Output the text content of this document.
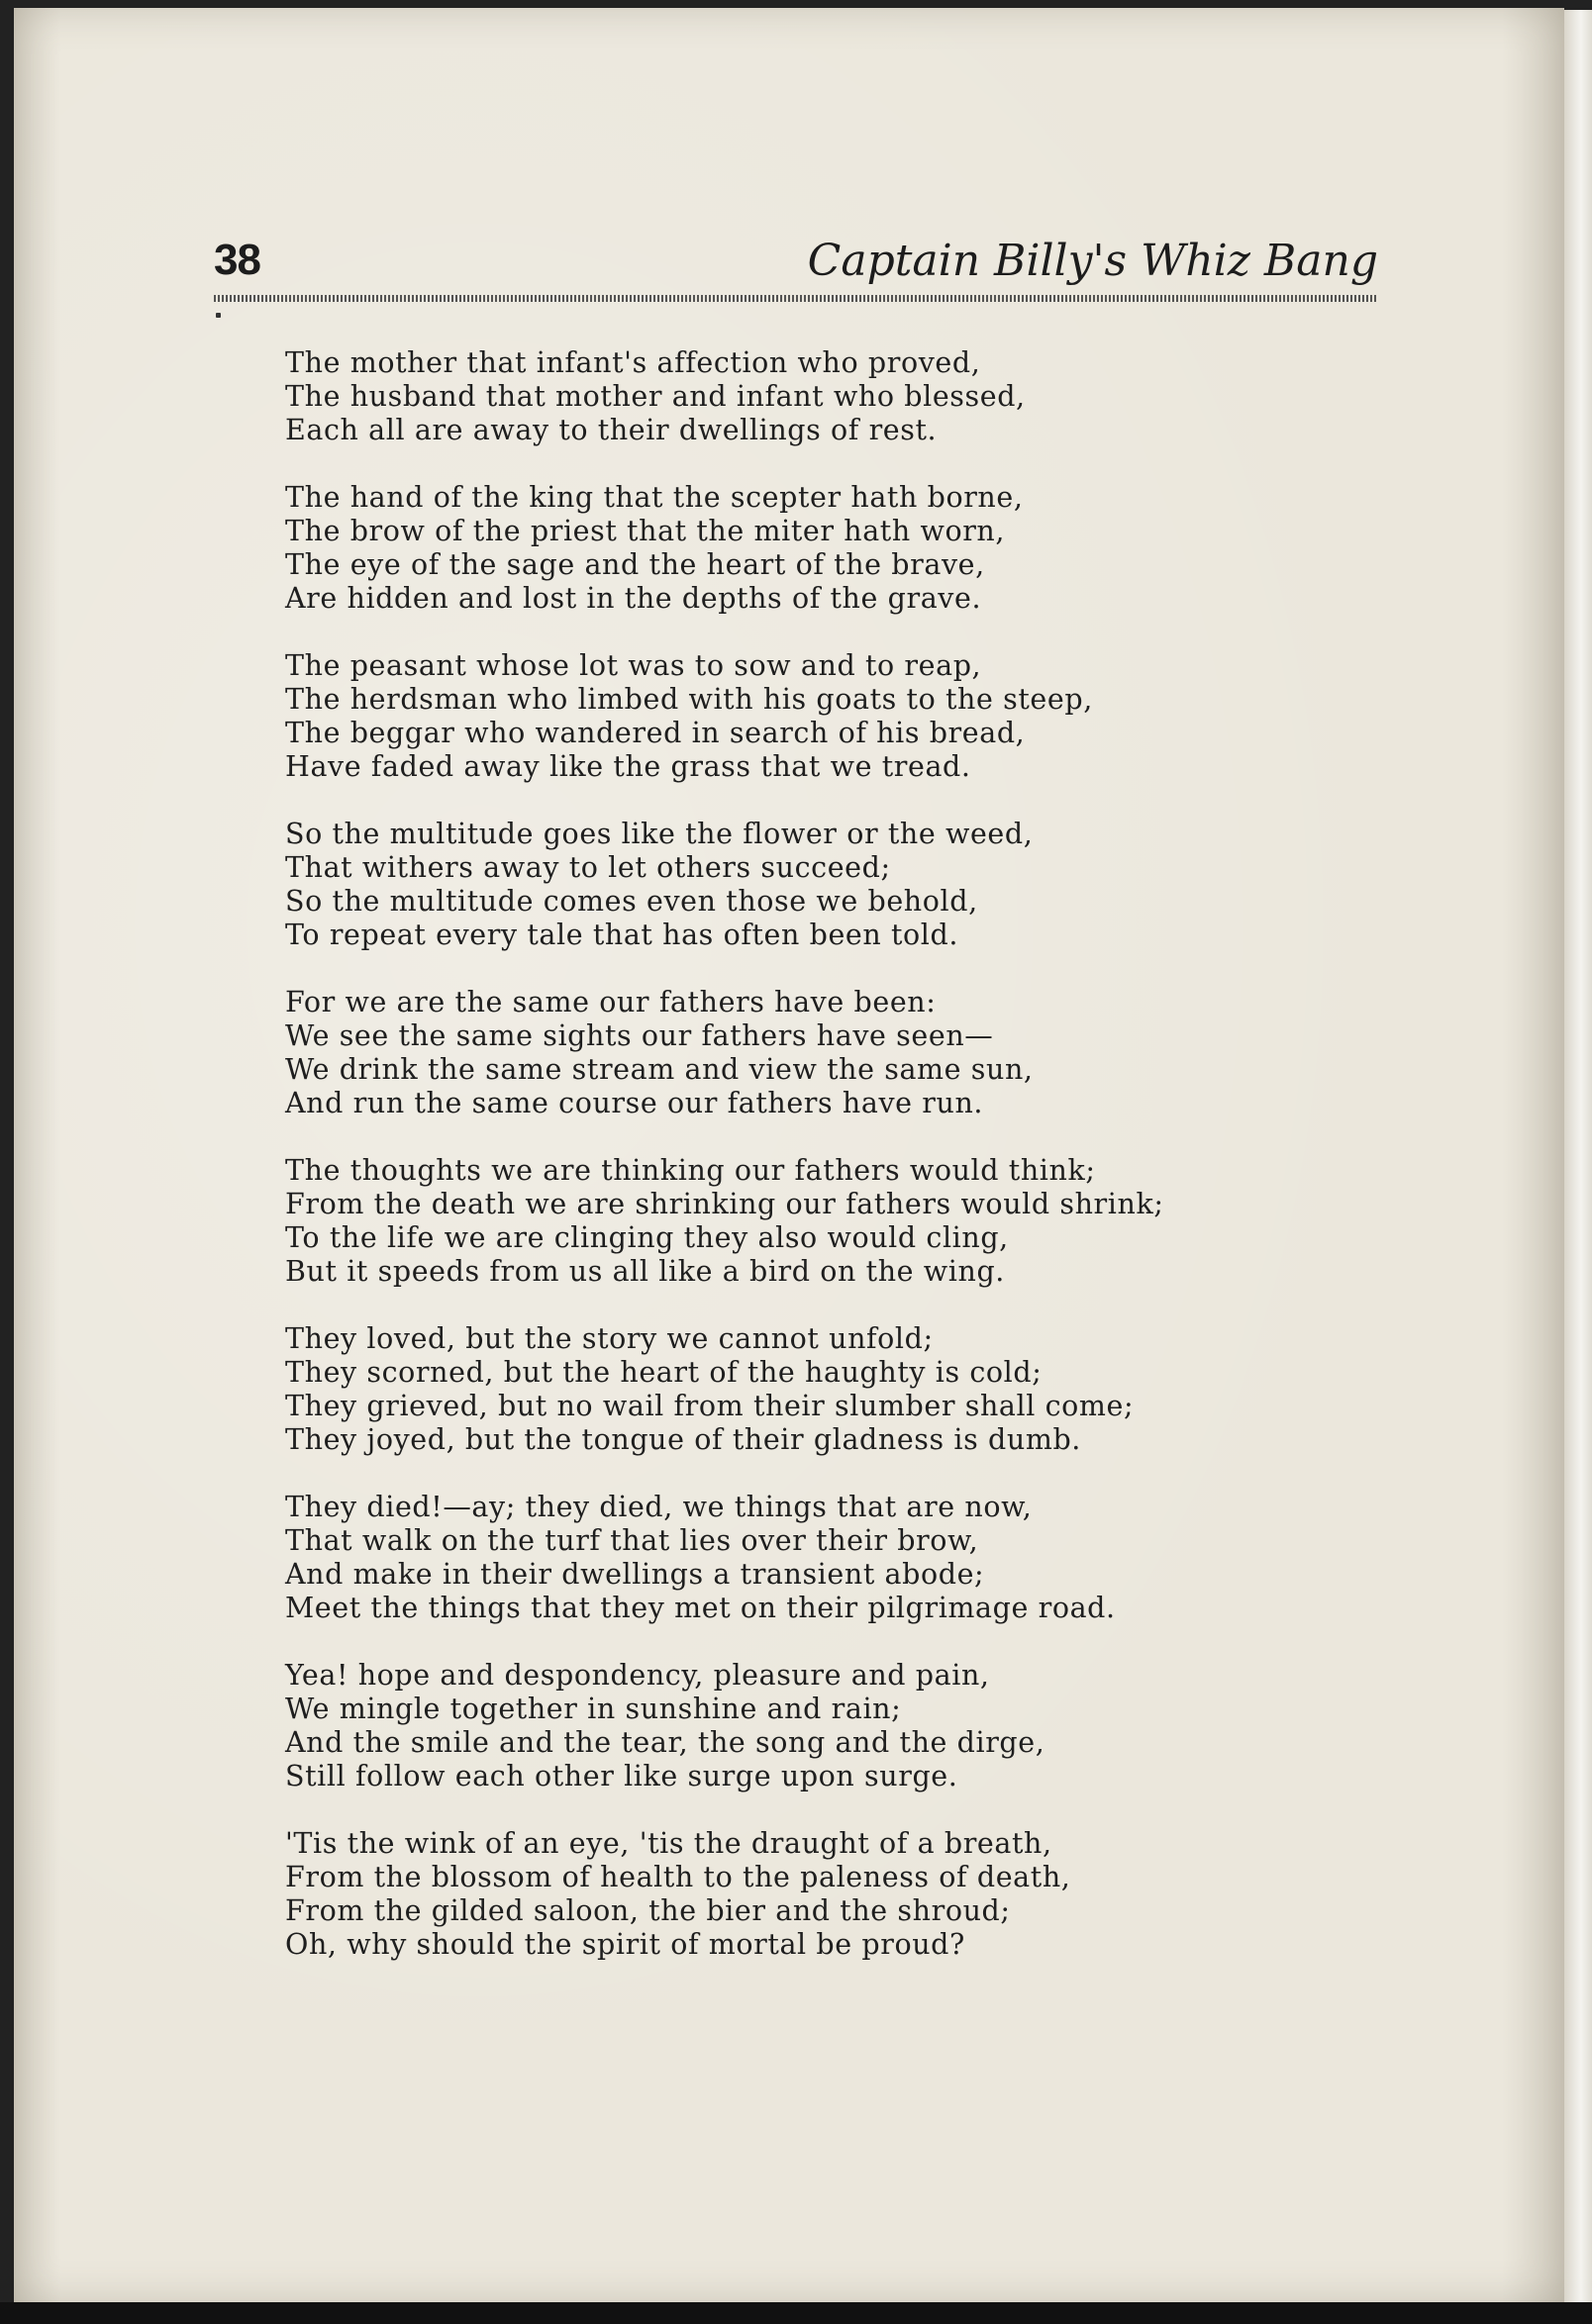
38	Captain Billy's Whiz Bang
The mother that infant's affection who proved,
The husband that mother and infant who blessed,
Each all are away to their dwellings of rest.
The hand of the king that the scepter hath borne,
The brow of the priest that the miter hath worn,
The eye of the sage and the heart of the brave,
Are hidden and lost in the depths of the grave.
The peasant whose lot was to sow and to reap,
The herdsman who limbed with his goats to the steep,
The beggar who wandered in search of his bread,
Have faded away like the grass that we tread.
So the multitude goes like the flower or the weed,
That withers away to let others succeed;
So the multitude comes even those we behold,
To repeat every tale that has often been told.
For we are the same our fathers have been:
We see the same sights our fathers have seen—
We drink the same stream and view the same sun,
And run the same course our fathers have run.
The thoughts we are thinking our fathers would think;
From the death we are shrinking our fathers would shrink;
To the life we are clinging they also would cling,
But it speeds from us all like a bird on the wing.
They loved, but the story we cannot unfold;
They scorned, but the heart of the haughty is cold;
They grieved, but no wail from their slumber shall come;
They joyed, but the tongue of their gladness is dumb.
They died!—ay; they died, we things that are now,
That walk on the turf that lies over their brow,
And make in their dwellings a transient abode;
Meet the things that they met on their pilgrimage road.
Yea! hope and despondency, pleasure and pain,
We mingle together in sunshine and rain;
And the smile and the tear, the song and the dirge,
Still follow each other like surge upon surge.
'Tis the wink of an eye, 'tis the draught of a breath,
From the blossom of health to the paleness of death,
From the gilded saloon, the bier and the shroud;
Oh, why should the spirit of mortal be proud?
